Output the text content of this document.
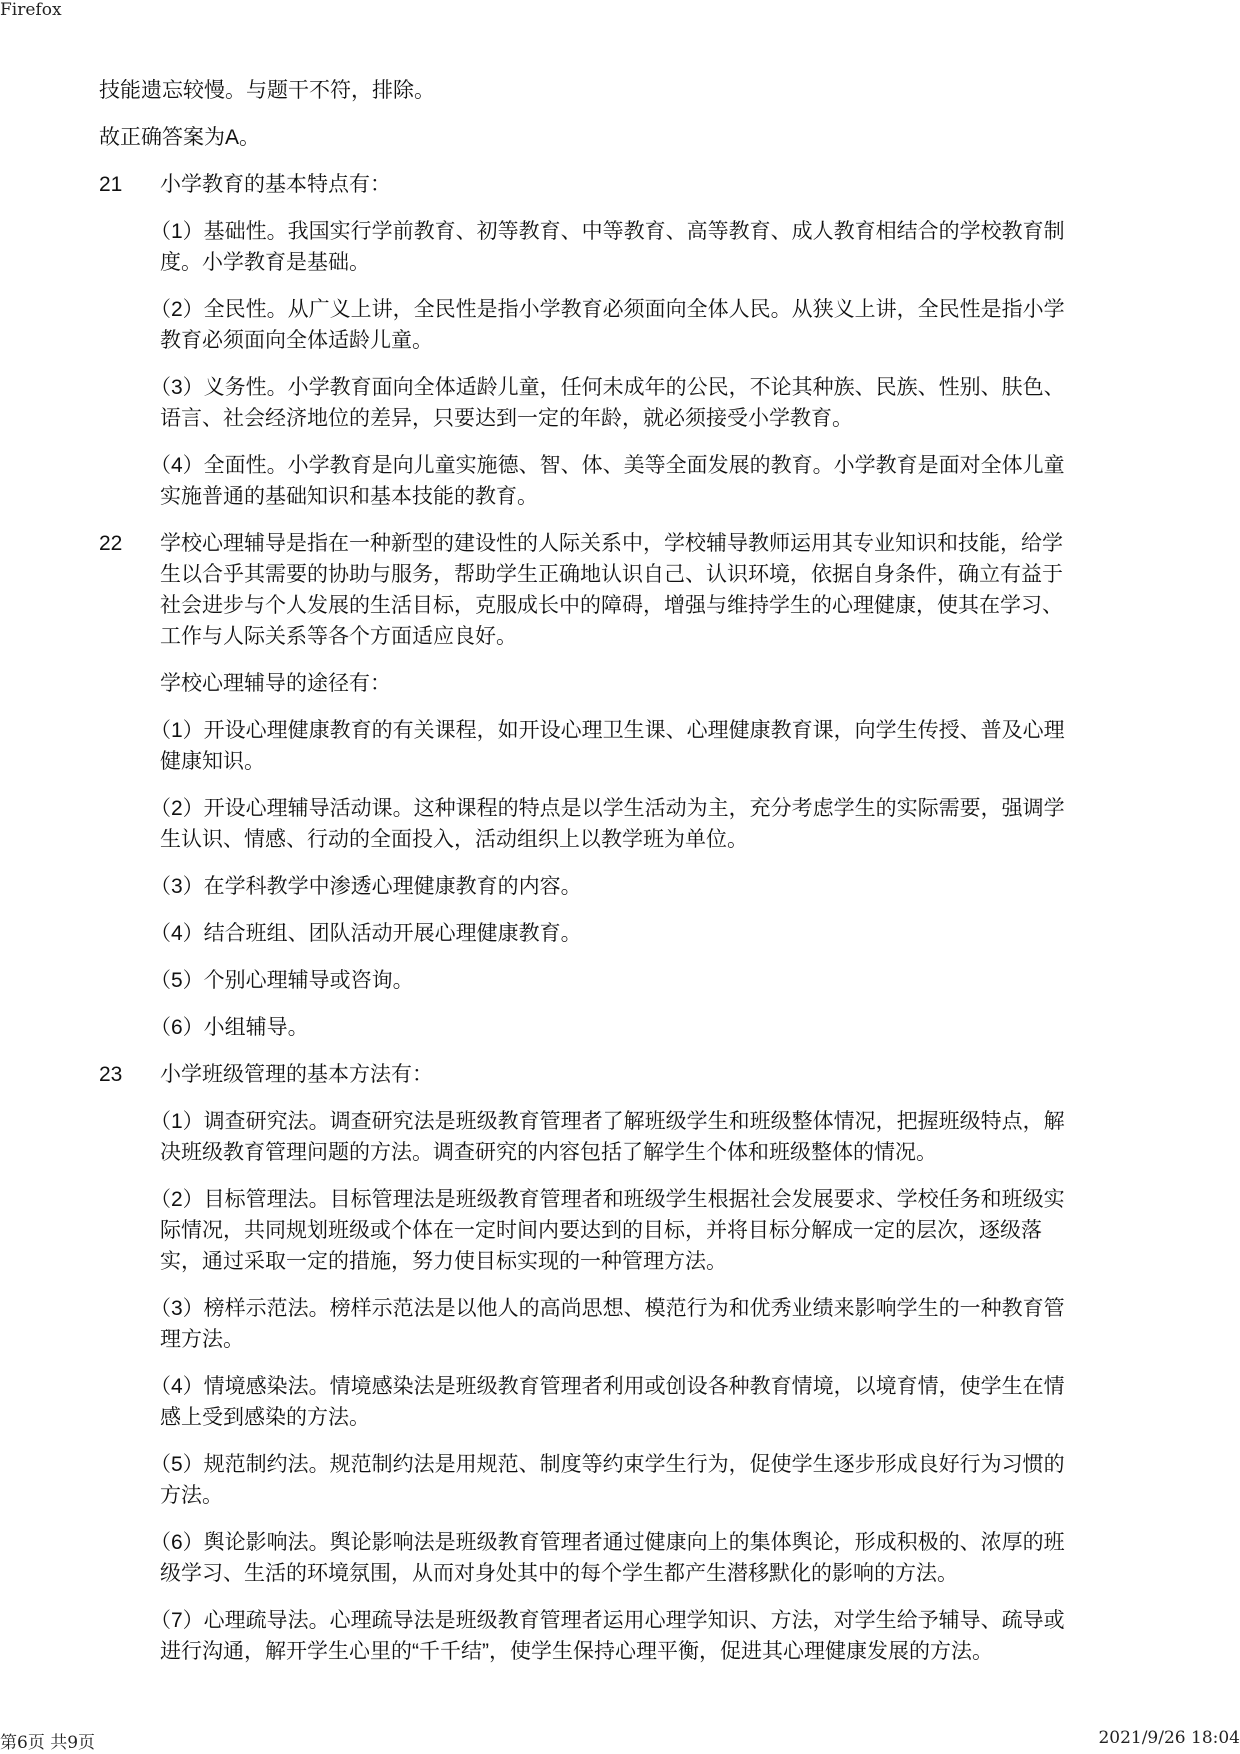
Firefox
技能遗忘较慢。与题干不符，排除。
故正确答案为A。
小学教育的基本特点有：
21
（1）基础性。我国实行学前教育、初等教育、中等教育、高等教育、成人教育相结合的学校教育制
度。小学教育是基础。
（2）全民性。从广义上讲，全民性是指小学教育必须面向全体人民。从狭义上讲，全民性是指小学
教育必须面向全体适龄儿童。
（3）义务性。小学教育面向全体适龄儿童，任何未成年的公民，不论其种族、民族、性别、肤色、
语言、社会经济地位的差异，只要达到一定的年龄，就必须接受小学教育。
（4）全面性。小学教育是向儿童实施德、智、体、美等全面发展的教育。小学教育是面对全体儿童
实施普通的基础知识和基本技能的教育。
学校心理辅导是指在一种新型的建设性的人际关系中，学校辅导教师运用其专业知识和技能，给学
生以合乎其需要的协助与服务，帮助学生正确地认识自己、认识环境，依据自身条件，确立有益于
社会进步与个人发展的生活目标，克服成长中的障碍，增强与维持学生的心理健康，使其在学习、
工作与人际关系等各个方面适应良好。
22
学校心理辅导的途径有：
（1）开设心理健康教育的有关课程，如开设心理卫生课、心理健康教育课，向学生传授、普及心理
健康知识。
（2）开设心理辅导活动课。这种课程的特点是以学生活动为主，充分考虑学生的实际需要，强调学
生认识、情感、行动的全面投入，活动组织上以教学班为单位。
（3）在学科教学中渗透心理健康教育的内容。
（4）结合班组、团队活动开展心理健康教育。
（5）个别心理辅导或咨询。
（6）小组辅导。
小学班级管理的基本方法有：
23
（1）调查研究法。调查研究法是班级教育管理者了解班级学生和班级整体情况，把握班级特点，解
决班级教育管理问题的方法。调查研究的内容包括了解学生个体和班级整体的情况。
（2）目标管理法。目标管理法是班级教育管理者和班级学生根据社会发展要求、学校任务和班级实
际情况，共同规划班级或个体在一定时间内要达到的目标，并将目标分解成一定的层次，逐级落
实，通过采取一定的措施，努力使目标实现的一种管理方法。
（3）榜样示范法。榜样示范法是以他人的高尚思想、模范行为和优秀业绩来影响学生的一种教育管
理方法。
（4）情境感染法。情境感染法是班级教育管理者利用或创设各种教育情境，以境育情，使学生在情
感上受到感染的方法。
（5）规范制约法。规范制约法是用规范、制度等约束学生行为，促使学生逐步形成良好行为习惯的
方法。
（6）舆论影响法。舆论影响法是班级教育管理者通过健康向上的集体舆论，形成积极的、浓厚的班
级学习、生活的环境氛围，从而对身处其中的每个学生都产生潜移默化的影响的方法。
（7）心理疏导法。心理疏导法是班级教育管理者运用心理学知识、方法，对学生给予辅导、疏导或
进行沟通，解开学生心里的“千千结”，使学生保持心理平衡，促进其心理健康发展的方法。
第6页 共9页	2021/9/26 18:04
